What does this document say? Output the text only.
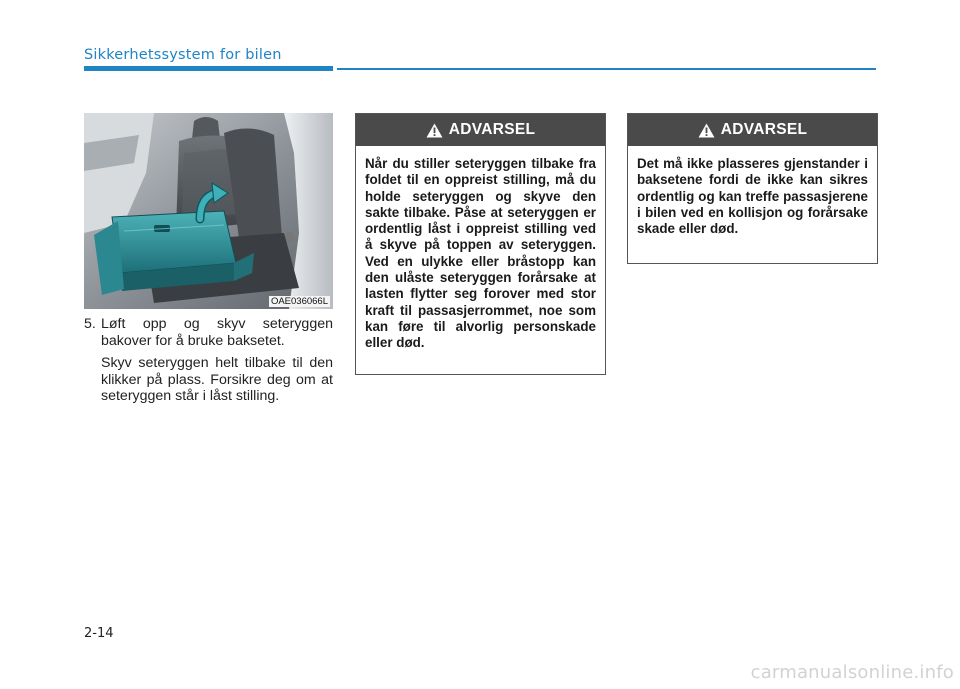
Sikkerhetssystem for bilen
OAE036066L

5. Løft opp og skyv seteryggen bakover for å bruke baksetet.

Skyv seteryggen helt tilbake til den klikker på plass. Forsikre deg om at seteryggen står i låst stilling.

ADVARSEL
Når du stiller seteryggen tilbake fra foldet til en oppreist stilling, må du holde seteryggen og skyve den sakte tilbake. Påse at seteryggen er ordentlig låst i oppreist stilling ved å skyve på toppen av seteryggen. Ved en ulykke eller bråstopp kan den ulåste seteryggen forårsake at lasten flytter seg forover med stor kraft til passasjerrommet, noe som kan føre til alvorlig personskade eller død.
ADVARSEL
Det må ikke plasseres gjenstander i baksetene fordi de ikke kan sikres ordentlig og kan treffe passasjerene i bilen ved en kollisjon og forårsake skade eller død.
2-14
carmanualsonline.info
